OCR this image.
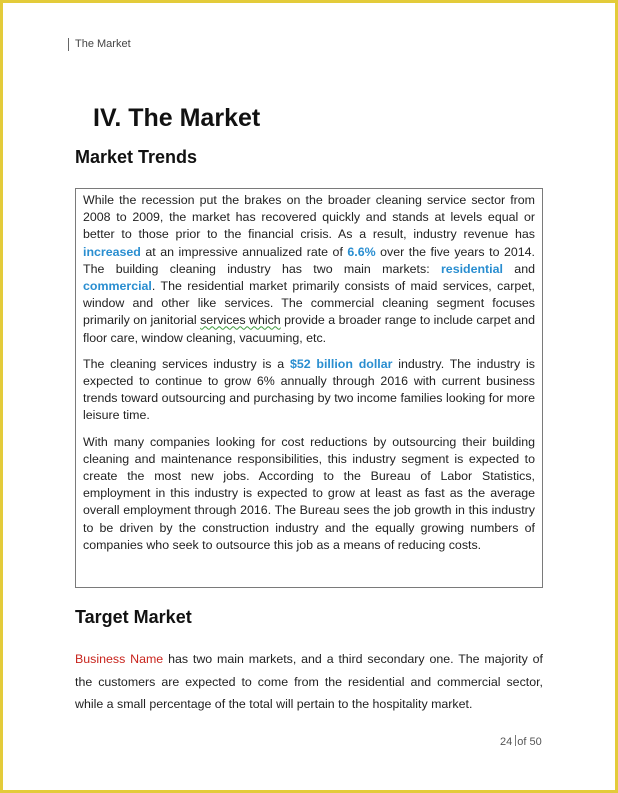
The Market
IV. The Market
Market Trends

While the recession put the brakes on the broader cleaning service sector from 2008 to 2009, the market has recovered quickly and stands at levels equal or better to those prior to the financial crisis. As a result, industry revenue has increased at an impressive annualized rate of 6.6% over the five years to 2014. The building cleaning industry has two main markets: residential and commercial. The residential market primarily consists of maid services, carpet, window and other like services. The commercial cleaning segment focuses primarily on janitorial services which provide a broader range to include carpet and floor care, window cleaning, vacuuming, etc.

The cleaning services industry is a $52 billion dollar industry. The industry is expected to continue to grow 6% annually through 2016 with current business trends toward outsourcing and purchasing by two income families looking for more leisure time.

With many companies looking for cost reductions by outsourcing their building cleaning and maintenance responsibilities, this industry segment is expected to create the most new jobs. According to the Bureau of Labor Statistics, employment in this industry is expected to grow at least as fast as the average overall employment through 2016. The Bureau sees the job growth in this industry to be driven by the construction industry and the equally growing numbers of companies who seek to outsource this job as a means of reducing costs.

Target Market

Business Name has two main markets, and a third secondary one. The majority of the customers are expected to come from the residential and commercial sector, while a small percentage of the total will pertain to the hospitality market.

24 of 50
